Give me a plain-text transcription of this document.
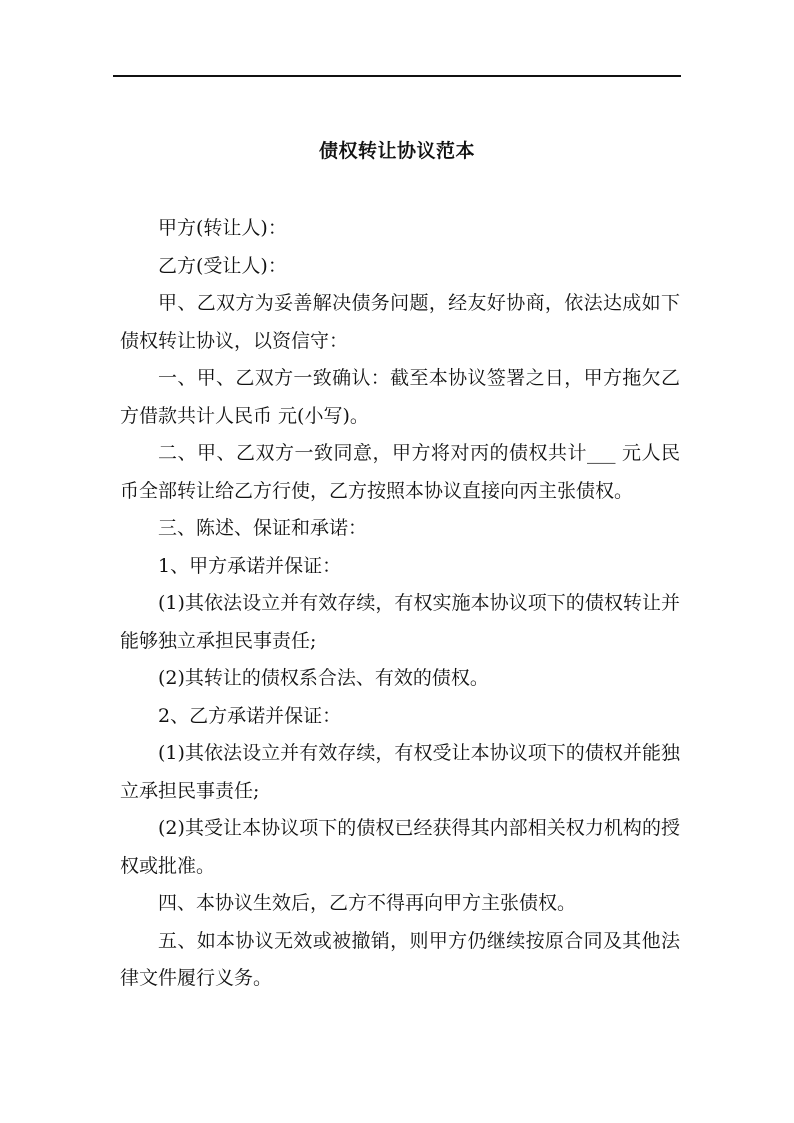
债权转让协议范本

甲方(转让人)：

乙方(受让人)：

甲、乙双方为妥善解决债务问题，经友好协商，依法达成如下债权转让协议，以资信守：

一、甲、乙双方一致确认：截至本协议签署之日，甲方拖欠乙方借款共计人民币 元(小写)。

二、甲、乙双方一致同意，甲方将对丙的债权共计___ 元人民币全部转让给乙方行使，乙方按照本协议直接向丙主张债权。

三、陈述、保证和承诺：

1、甲方承诺并保证：

(1)其依法设立并有效存续，有权实施本协议项下的债权转让并能够独立承担民事责任;

(2)其转让的债权系合法、有效的债权。

2、乙方承诺并保证：

(1)其依法设立并有效存续，有权受让本协议项下的债权并能独立承担民事责任;

(2)其受让本协议项下的债权已经获得其内部相关权力机构的授权或批准。

四、本协议生效后，乙方不得再向甲方主张债权。

五、如本协议无效或被撤销，则甲方仍继续按原合同及其他法律文件履行义务。
